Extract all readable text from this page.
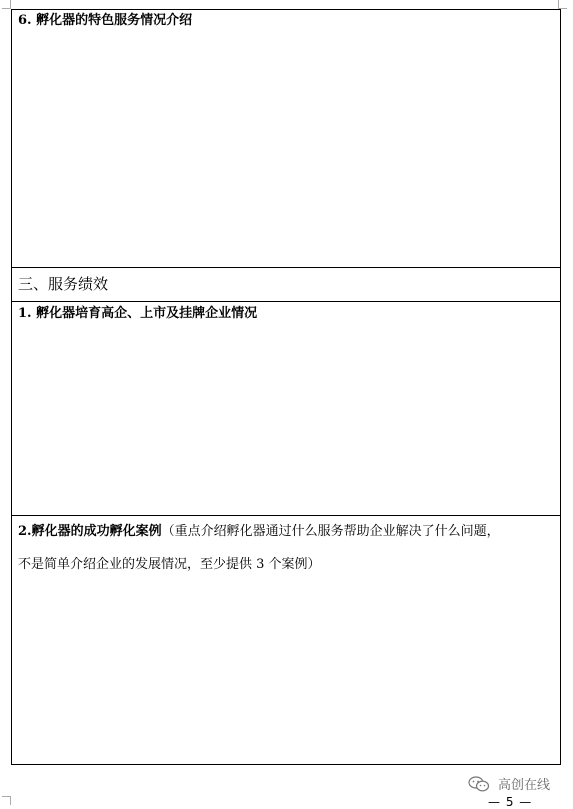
6. 孵化器的特色服务情况介绍
三、服务绩效
1. 孵化器培育高企、上市及挂牌企业情况
2.孵化器的成功孵化案例（重点介绍孵化器通过什么服务帮助企业解决了什么问题，
不是简单介绍企业的发展情况，至少提供 3 个案例）
高创在线
— 5 —
